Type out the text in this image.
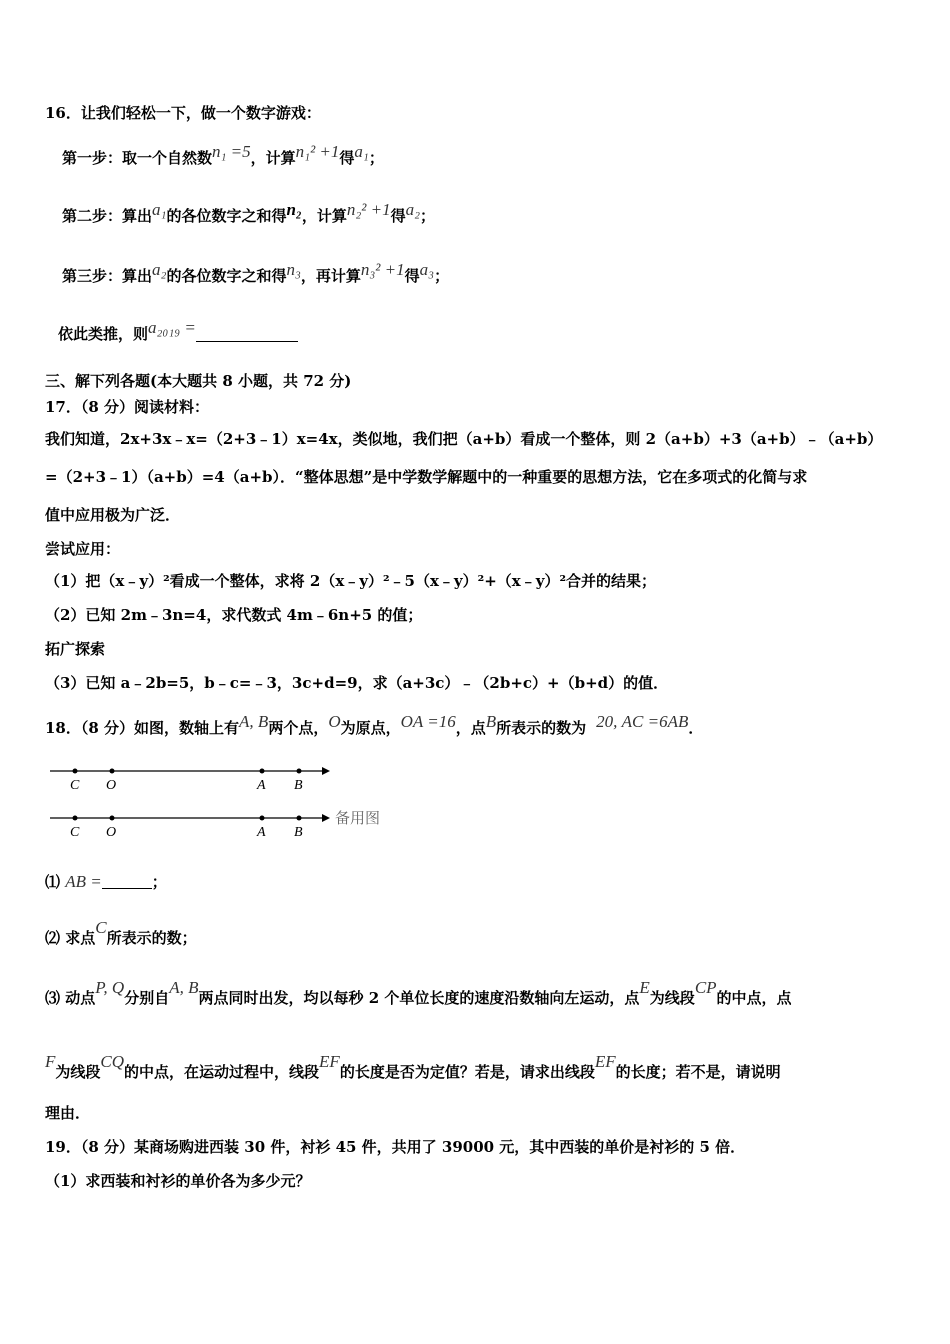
16．让我们轻松一下，做一个数字游戏：
第一步：取一个自然数n₁ =5，计算n₁² +1得a₁；
第二步：算出a₁的各位数字之和得n₂，计算n₂² +1得a₂；
第三步：算出a₂的各位数字之和得n₃，再计算n₃² +1得a₃；
依此类推，则a₂₀₁₉ =
三、解下列各题(本大题共 8 小题，共 72 分)
17．（8 分）阅读材料：
我们知道，2x+3x﹣x=（2+3﹣1）x=4x，类似地，我们把（a+b）看成一个整体，则 2（a+b）+3（a+b）﹣（a+b）
=（2+3﹣1）（a+b）=4（a+b）．“整体思想”是中学数学解题中的一种重要的思想方法，它在多项式的化简与求
值中应用极为广泛．
尝试应用：
（1）把（x﹣y）²看成一个整体，求将 2（x﹣y）²﹣5（x﹣y）²+（x﹣y）²合并的结果；
（2）已知 2m﹣3n=4，求代数式 4m﹣6n+5 的值；
拓广探索
（3）已知 a﹣2b=5，b﹣c=﹣3，3c+d=9，求（a+3c）﹣（2b+c）+（b+d）的值．
18．（8 分）如图，数轴上有A, B两个点，O为原点，OA =16，点B所表示的数为 20, AC =6AB．
C O	A B
C O	A B
备用图
⑴ AB =	；
⑵ 求点C所表示的数；
⑶ 动点P, Q分别自A, B两点同时出发，均以每秒 2 个单位长度的速度沿数轴向左运动，点E为线段CP的中点，点
F为线段CQ的中点，在运动过程中，线段EF的长度是否为定值？若是，请求出线段EF的长度；若不是，请说明
理由．
19．（8 分）某商场购进西装 30 件，衬衫 45 件，共用了 39000 元，其中西装的单价是衬衫的 5 倍．
（1）求西装和衬衫的单价各为多少元？
